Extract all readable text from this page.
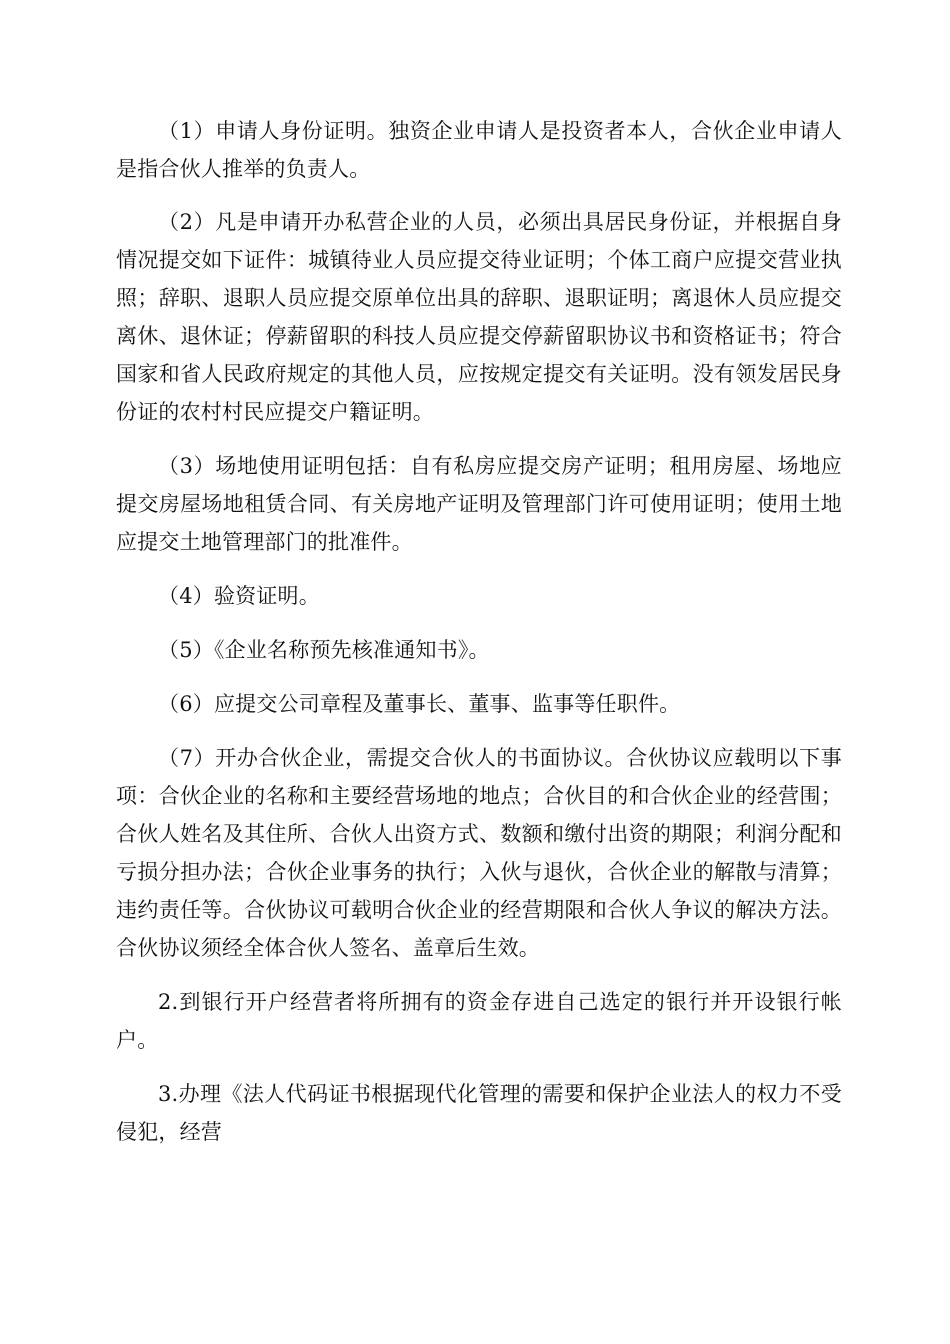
（1）申请人身份证明。独资企业申请人是投资者本人，合伙企业申请人是指合伙人推举的负责人。

（2）凡是申请开办私营企业的人员，必须出具居民身份证，并根据自身情况提交如下证件：城镇待业人员应提交待业证明；个体工商户应提交营业执照；辞职、退职人员应提交原单位出具的辞职、退职证明；离退休人员应提交离休、退休证；停薪留职的科技人员应提交停薪留职协议书和资格证书；符合国家和省人民政府规定的其他人员，应按规定提交有关证明。没有领发居民身份证的农村村民应提交户籍证明。

（3）场地使用证明包括：自有私房应提交房产证明；租用房屋、场地应提交房屋场地租赁合同、有关房地产证明及管理部门许可使用证明；使用土地应提交土地管理部门的批准件。

（4）验资证明。

（5）《企业名称预先核准通知书》。

（6）应提交公司章程及董事长、董事、监事等任职件。

（7）开办合伙企业，需提交合伙人的书面协议。合伙协议应载明以下事项：合伙企业的名称和主要经营场地的地点；合伙目的和合伙企业的经营围；合伙人姓名及其住所、合伙人出资方式、数额和缴付出资的期限；利润分配和亏损分担办法；合伙企业事务的执行；入伙与退伙，合伙企业的解散与清算；违约责任等。合伙协议可载明合伙企业的经营期限和合伙人争议的解决方法。合伙协议须经全体合伙人签名、盖章后生效。

2.到银行开户经营者将所拥有的资金存进自己选定的银行并开设银行帐户。

3.办理《法人代码证书根据现代化管理的需要和保护企业法人的权力不受侵犯，经营
